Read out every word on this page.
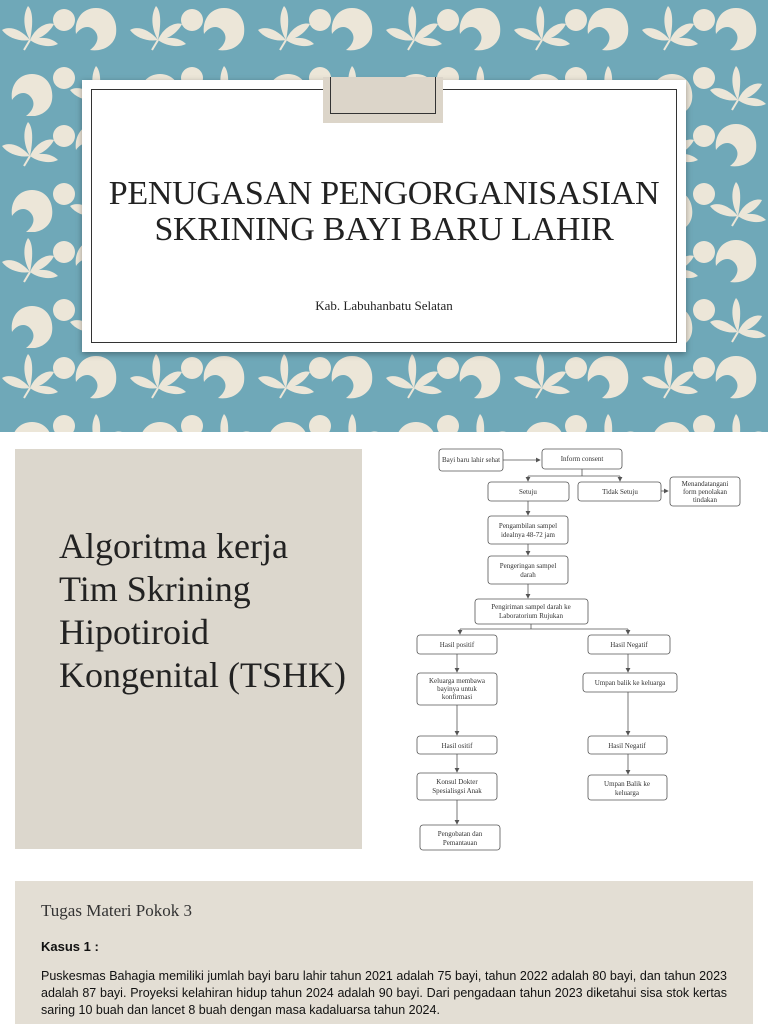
PENUGASAN PENGORGANISASIAN
SKRINING BAYI BARU LAHIR
Kab. Labuhanbatu Selatan
Algoritma kerja Tim Skrining Hipotiroid Kongenital (TSHK)
Bayi baru lahir sehat	Inform consent
Setuju	Tidak Setuju
Menandatangani
form penolakan
tindakan
Pengambilan sampel
idealnya 48-72 jam
Pengeringan sampel
darah
Pengiriman sampel darah ke
Laboratorium Rujukan
Hasil positif	Hasil Negatif
Keluarga membawa
bayinya untuk
konfirmasi
Umpan balik ke keluarga
Hasil ositif	Hasil Negatif
Konsul Dokter
Spesialisgsi Anak
Umpan Balik ke
keluarga
Pengobatan dan
Pemantauan
Tugas Materi Pokok 3
Kasus 1 :
Puskesmas Bahagia memiliki jumlah bayi baru lahir tahun 2021 adalah 75 bayi, tahun 2022 adalah 80 bayi, dan tahun 2023 adalah 87 bayi. Proyeksi kelahiran hidup tahun 2024 adalah 90 bayi. Dari pengadaan tahun 2023 diketahui sisa stok kertas saring 10 buah dan lancet 8 buah dengan masa kadaluarsa tahun 2024.
